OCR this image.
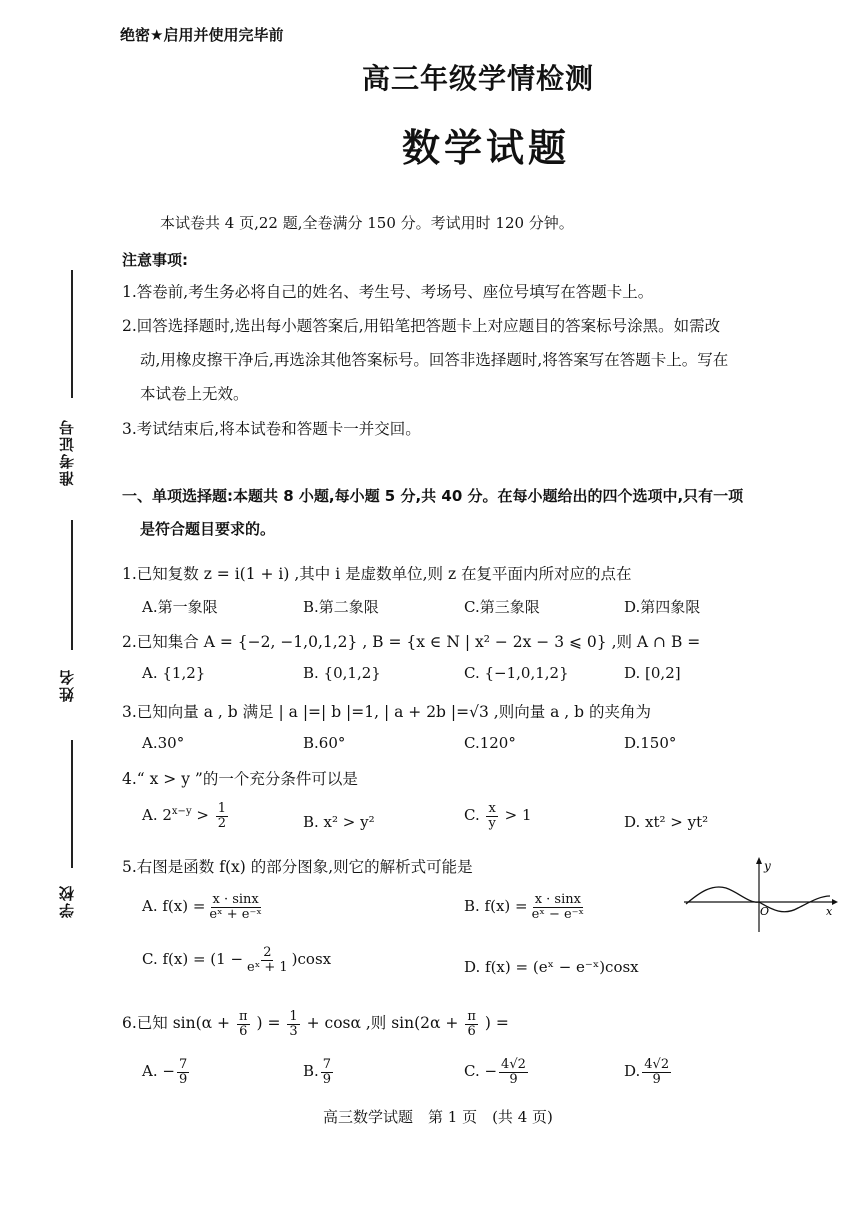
绝密★启用并使用完毕前
高三年级学情检测
数学试题
本试卷共 4 页,22 题,全卷满分 150 分。考试用时 120 分钟。
注意事项:
1.答卷前,考生务必将自己的姓名、考生号、考场号、座位号填写在答题卡上。
2.回答选择题时,选出每小题答案后,用铅笔把答题卡上对应题目的答案标号涂黑。如需改
动,用橡皮擦干净后,再选涂其他答案标号。回答非选择题时,将答案写在答题卡上。写在
本试卷上无效。
3.考试结束后,将本试卷和答题卡一并交回。
准考证号
姓名
学校
一、单项选择题:本题共 8 小题,每小题 5 分,共 40 分。在每小题给出的四个选项中,只有一项
是符合题目要求的。
1.已知复数 z = i(1 + i) ,其中 i 是虚数单位,则 z 在复平面内所对应的点在
A.第一象限	B.第二象限	C.第三象限	D.第四象限
2.已知集合 A = {−2, −1,0,1,2} , B = {x ∈ N | x² − 2x − 3 ⩽ 0} ,则 A ∩ B =
A. {1,2}	B. {0,1,2}	C. {−1,0,1,2}	D. [0,2]
3.已知向量 a , b 满足 | a |=| b |=1, | a + 2b |=√3 ,则向量 a , b 的夹角为
A.30°	B.60°	C.120°	D.150°
4.“ x > y ”的一个充分条件可以是
A. $2^{x-y} > \frac{1}{2}$	B. x² > y²	C. $\frac{x}{y} > 1$	D. xt² > yt²
5.右图是函数 f(x) 的部分图象,则它的解析式可能是
A. $f(x) = \frac{x \cdot \sin x}{\text{eˣ + e⁻ˣ}}$	B. $f(x) = \frac{x \cdot \sin x}{\text{eˣ − e⁻ˣ}}$
C. $f(x) = (1 - \frac{2}{\text{eˣ + 1}} )\cos x$	D. f(x) = (eˣ − e⁻ˣ)cosx
y
x
O
6.已知 $\sin(\alpha + \frac{\pi}{6}$ ) = $\frac{1}{3} + \cos\alpha$ ,则 $\sin(2\alpha + \frac{\pi}{6}$ ) =
A. − $\frac{7}{9}$	B. $\frac{7}{9}$	C. − $\frac{4√2}{9}$	D. $\frac{4√2}{9}$
高三数学试题　第 1 页　(共 4 页)
